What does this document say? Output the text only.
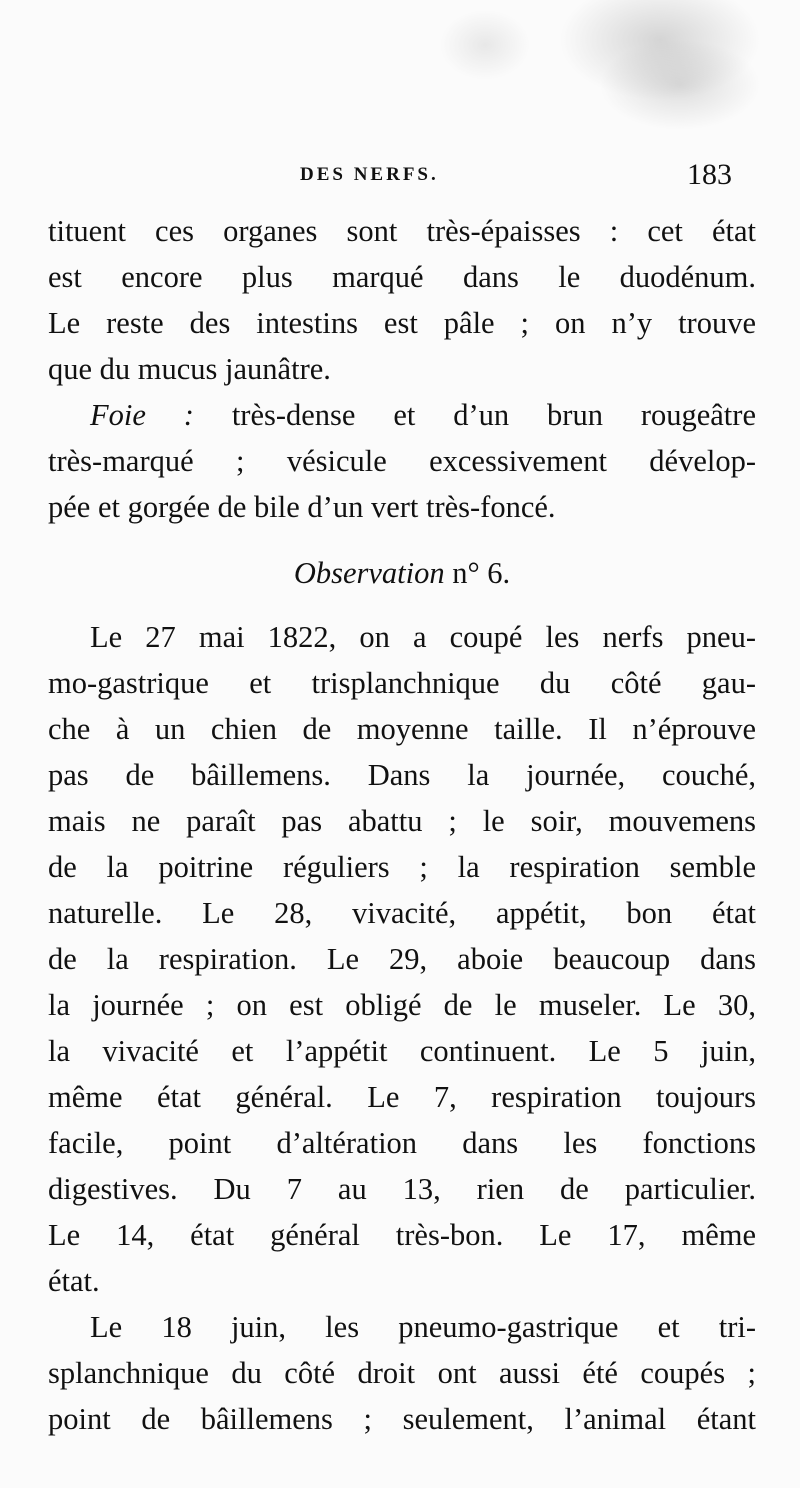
DES NERFS.	183
tituent ces organes sont très-épaisses : cet état
est encore plus marqué dans le duodénum.
Le reste des intestins est pâle ; on n’y trouve
que du mucus jaunâtre.
Foie : très-dense et d’un brun rougeâtre
très-marqué ; vésicule excessivement dévelop-
pée et gorgée de bile d’un vert très-foncé.
Observation n° 6.
Le 27 mai 1822, on a coupé les nerfs pneu-
mo-gastrique et trisplanchnique du côté gau-
che à un chien de moyenne taille. Il n’éprouve
pas de bâillemens. Dans la journée, couché,
mais ne paraît pas abattu ; le soir, mouvemens
de la poitrine réguliers ; la respiration semble
naturelle. Le 28, vivacité, appétit, bon état
de la respiration. Le 29, aboie beaucoup dans
la journée ; on est obligé de le museler. Le 30,
la vivacité et l’appétit continuent. Le 5 juin,
même état général. Le 7, respiration toujours
facile, point d’altération dans les fonctions
digestives. Du 7 au 13, rien de particulier.
Le 14, état général très-bon. Le 17, même
état.
Le 18 juin, les pneumo-gastrique et tri-
splanchnique du côté droit ont aussi été coupés ;
point de bâillemens ; seulement, l’animal étant
